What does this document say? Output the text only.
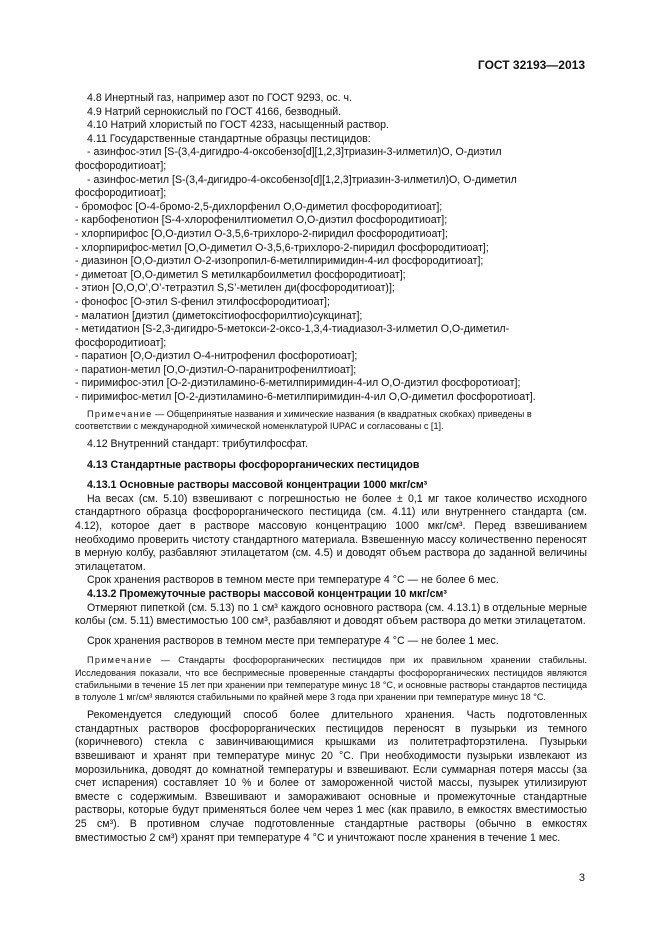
ГОСТ 32193—2013

4.8 Инертный газ, например азот по ГОСТ 9293, ос. ч.

4.9 Натрий сернокислый по ГОСТ 4166, безводный.

4.10 Натрий хлористый по ГОСТ 4233, насыщенный раствор.

4.11 Государственные стандартные образцы пестицидов:

- азинфос-этил [S-(3,4-дигидро-4-оксобензо[d][1,2,3]триазин-3-илметил)O, O-диэтил фосфородитиоат];

- азинфос-метил [S-(3,4-дигидро-4-оксобензо[d][1,2,3]триазин-3-илметил)O, O-диметил фосфородитиоат];

- бромофос [O-4-бромо-2,5-дихлорфенил O,O-диметил фосфородитиоат];

- карбофенотион [S-4-хлорофенилтиометил O,O-диэтил фосфородитиоат];

- хлорпирифос [O,O-диэтил O-3,5,6-трихлоро-2-пиридил фосфородитиоат];

- хлорпирифос-метил [O,O-диметил O-3,5,6-трихлоро-2-пиридил фосфородитиоат];

- диазинон [O,O-диэтил O-2-изопропил-6-метилпиримидин-4-ил фосфородитиоат];

- диметоат [O,O-диметил S метилкарбоилметил фосфородитиоат];

- этион [O,O,O’,O’-тетраэтил S,S’-метилен ди(фосфородитиоат)];

- фонофос [O-этил S-фенил этилфосфородитиоат];

- малатион [диэтил (диметоксітиофосфорилтио)сукцинат];

- метидатион [S-2,3-дигидро-5-метокси-2-оксо-1,3,4-тиадиазол-3-илметил O,O-диметил-фосфородитиоат];

- паратион [O,O-диэтил O-4-нитрофенил фосфоротиоат];

- паратион-метил [O,O-диэтил-O-паранитрофенилтиоат];

- пиримифос-этил [O-2-диэтиламино-6-метилпиримидин-4-ил O,O-диэтил фосфоротиоат];

- пиримифос-метил [O-2-диэтиламино-6-метилпиримидин-4-ил O,O-диметил фосфоротиоат].

Примечание — Общепринятые названия и химические названия (в квадратных скобках) приведены в соответствии с международной химической номенклатурой IUPAC и согласованы с [1].

4.12 Внутренний стандарт: трибутилфосфат.

4.13 Стандартные растворы фосфорорганических пестицидов

4.13.1 Основные растворы массовой концентрации 1000 мкг/см³

На весах (см. 5.10) взвешивают с погрешностью не более ± 0,1 мг такое количество исходного стандартного образца фосфорорганического пестицида (см. 4.11) или внутреннего стандарта (см. 4.12), которое дает в растворе массовую концентрацию 1000 мкг/см³. Перед взвешиванием необходимо проверить чистоту стандартного материала. Взвешенную массу количественно переносят в мерную колбу, разбавляют этилацетатом (см. 4.5) и доводят объем раствора до заданной величины этилацетатом.

Срок хранения растворов в темном месте при температуре 4 °С — не более 6 мес.

4.13.2 Промежуточные растворы массовой концентрации 10 мкг/см³

Отмеряют пипеткой (см. 5.13) по 1 см³ каждого основного раствора (см. 4.13.1) в отдельные мерные колбы (см. 5.11) вместимостью 100 см³, разбавляют и доводят объем раствора до метки этилацетатом.

Срок хранения растворов в темном месте при температуре 4 °С — не более 1 мес.

Примечание — Стандарты фосфорорганических пестицидов при их правильном хранении стабильны. Исследования показали, что все беспримесные проверенные стандарты фосфорорганических пестицидов являются стабильными в течение 15 лет при хранении при температуре минус 18 °С, и основные растворы стандартов пестицида в толуоле 1 мг/см³ являются стабильными по крайней мере 3 года при хранении при температуре минус 18 °С.

Рекомендуется следующий способ более длительного хранения. Часть подготовленных стандартных растворов фосфорорганических пестицидов переносят в пузырьки из темного (коричневого) стекла с завинчивающимися крышками из политетрафторэтилена. Пузырьки взвешивают и хранят при температуре минус 20 °С. При необходимости пузырьки извлекают из морозильника, доводят до комнатной температуры и взвешивают. Если суммарная потеря массы (за счет испарения) составляет 10 % и более от замороженной чистой массы, пузырек утилизируют вместе с содержимым. Взвешивают и замораживают основные и промежуточные стандартные растворы, которые будут применяться более чем через 1 мес (как правило, в емкостях вместимостью 25 см³). В противном случае подготовленные стандартные растворы (обычно в емкостях вместимостью 2 см³) хранят при температуре 4 °С и уничтожают после хранения в течение 1 мес.

3
